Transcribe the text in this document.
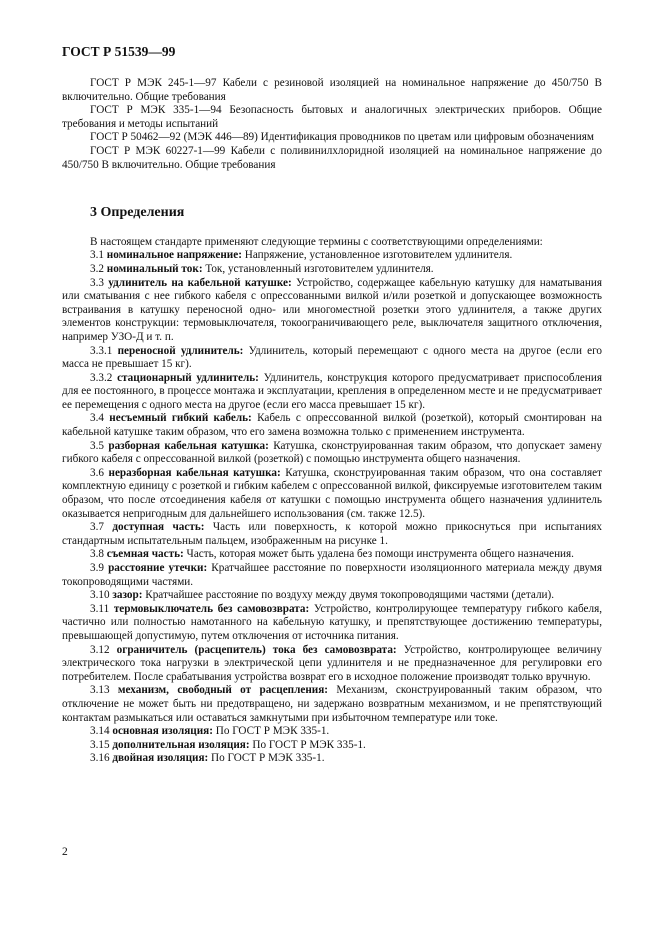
ГОСТ Р 51539—99

ГОСТ Р МЭК 245-1—97 Кабели с резиновой изоляцией на номинальное напряжение до 450/750 В включительно. Общие требования

ГОСТ Р МЭК 335-1—94 Безопасность бытовых и аналогичных электрических приборов. Общие требования и методы испытаний

ГОСТ Р 50462—92 (МЭК 446—89) Идентификация проводников по цветам или цифровым обозначениям

ГОСТ Р МЭК 60227-1—99 Кабели с поливинилхлоридной изоляцией на номинальное напряжение до 450/750 В включительно. Общие требования

3 Определения

В настоящем стандарте применяют следующие термины с соответствующими определениями:

3.1 номинальное напряжение: Напряжение, установленное изготовителем удлинителя.

3.2 номинальный ток: Ток, установленный изготовителем удлинителя.

3.3 удлинитель на кабельной катушке: Устройство, содержащее кабельную катушку для наматывания или сматывания с нее гибкого кабеля с опрессованными вилкой и/или розеткой и допускающее возможность встраивания в катушку переносной одно- или многоместной розетки этого удлинителя, а также других элементов конструкции: термовыключателя, токоограничивающего реле, выключателя защитного отключения, например УЗО-Д и т. п.

3.3.1 переносной удлинитель: Удлинитель, который перемещают с одного места на другое (если его масса не превышает 15 кг).

3.3.2 стационарный удлинитель: Удлинитель, конструкция которого предусматривает приспособления для ее постоянного, в процессе монтажа и эксплуатации, крепления в определенном месте и не предусматривает ее перемещения с одного места на другое (если его масса превышает 15 кг).

3.4 несъемный гибкий кабель: Кабель с опрессованной вилкой (розеткой), который смонтирован на кабельной катушке таким образом, что его замена возможна только с применением инструмента.

3.5 разборная кабельная катушка: Катушка, сконструированная таким образом, что допускает замену гибкого кабеля с опрессованной вилкой (розеткой) с помощью инструмента общего назначения.

3.6 неразборная кабельная катушка: Катушка, сконструированная таким образом, что она составляет комплектную единицу с розеткой и гибким кабелем с опрессованной вилкой, фиксируемые изготовителем таким образом, что после отсоединения кабеля от катушки с помощью инструмента общего назначения удлинитель оказывается непригодным для дальнейшего использования (см. также 12.5).

3.7 доступная часть: Часть или поверхность, к которой можно прикоснуться при испытаниях стандартным испытательным пальцем, изображенным на рисунке 1.

3.8 съемная часть: Часть, которая может быть удалена без помощи инструмента общего назначения.

3.9 расстояние утечки: Кратчайшее расстояние по поверхности изоляционного материала между двумя токопроводящими частями.

3.10 зазор: Кратчайшее расстояние по воздуху между двумя токопроводящими частями (детали).

3.11 термовыключатель без самовозврата: Устройство, контролирующее температуру гибкого кабеля, частично или полностью намотанного на кабельную катушку, и препятствующее достижению температуры, превышающей допустимую, путем отключения от источника питания.

3.12 ограничитель (расцепитель) тока без самовозврата: Устройство, контролирующее величину электрического тока нагрузки в электрической цепи удлинителя и не предназначенное для регулировки его потребителем. После срабатывания устройства возврат его в исходное положение производят только вручную.

3.13 механизм, свободный от расцепления: Механизм, сконструированный таким образом, что отключение не может быть ни предотвращено, ни задержано возвратным механизмом, и не препятствующий контактам размыкаться или оставаться замкнутыми при избыточном температуре или токе.

3.14 основная изоляция: По ГОСТ Р МЭК 335-1.

3.15 дополнительная изоляция: По ГОСТ Р МЭК 335-1.

3.16 двойная изоляция: По ГОСТ Р МЭК 335-1.

2
